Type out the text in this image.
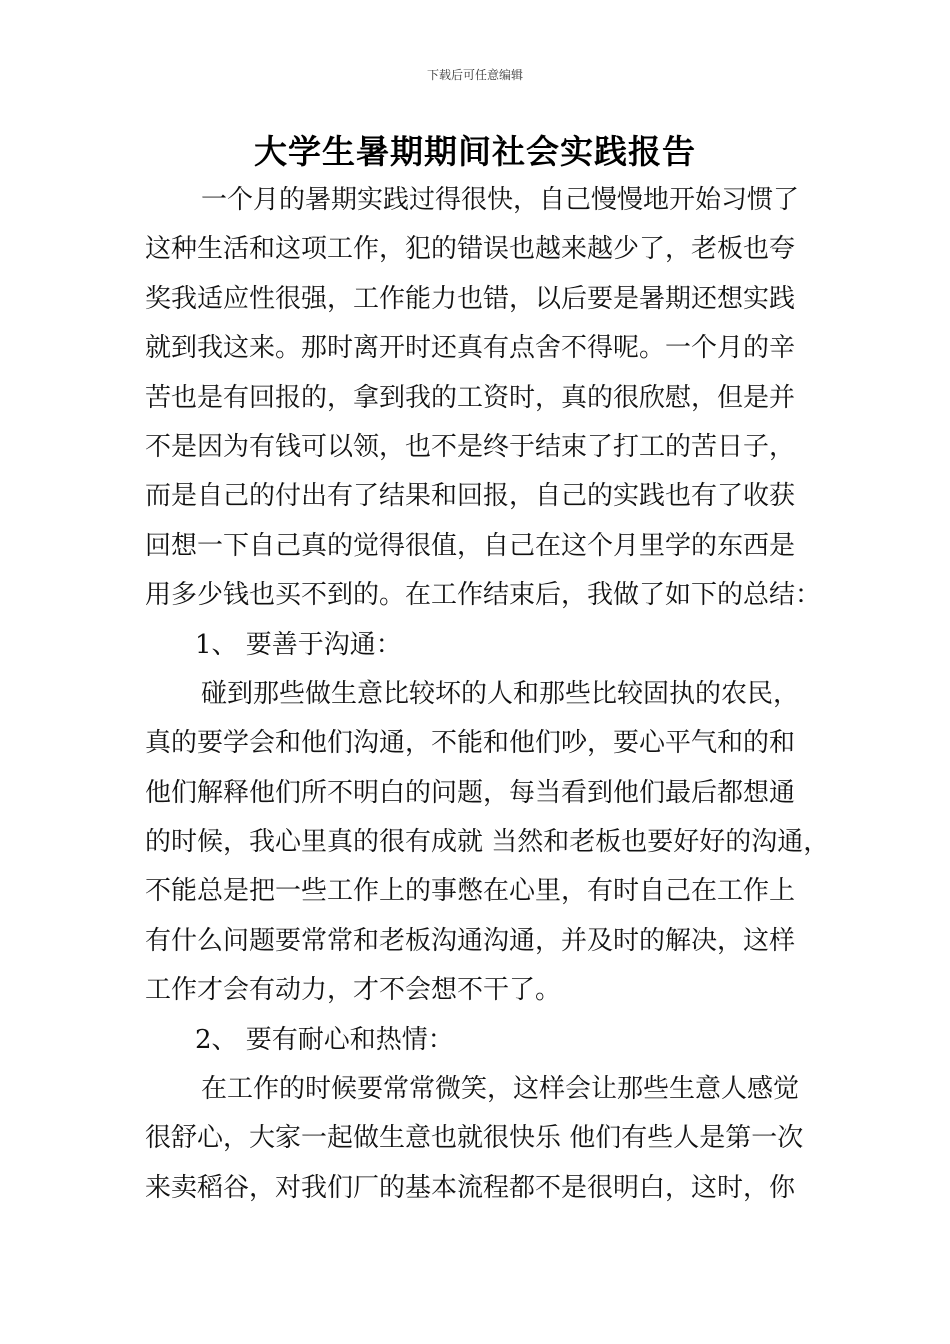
下载后可任意编辑
大学生暑期期间社会实践报告
一个月的暑期实践过得很快，自己慢慢地开始习惯了
这种生活和这项工作，犯的错误也越来越少了，老板也夸
奖我适应性很强，工作能力也错，以后要是暑期还想实践
就到我这来。那时离开时还真有点舍不得呢。一个月的辛
苦也是有回报的，拿到我的工资时，真的很欣慰，但是并
不是因为有钱可以领，也不是终于结束了打工的苦日子，
而是自己的付出有了结果和回报，自己的实践也有了收获
回想一下自己真的觉得很值，自己在这个月里学的东西是
用多少钱也买不到的。在工作结束后，我做了如下的总结：
1、 要善于沟通：
碰到那些做生意比较坏的人和那些比较固执的农民，
真的要学会和他们沟通，不能和他们吵，要心平气和的和
他们解释他们所不明白的问题，每当看到他们最后都想通
的时候，我心里真的很有成就 当然和老板也要好好的沟通，
不能总是把一些工作上的事憋在心里，有时自己在工作上
有什么问题要常常和老板沟通沟通，并及时的解决，这样
工作才会有动力，才不会想不干了。
2、 要有耐心和热情：
在工作的时候要常常微笑，这样会让那些生意人感觉
很舒心，大家一起做生意也就很快乐 他们有些人是第一次
来卖稻谷，对我们厂的基本流程都不是很明白，这时，你
